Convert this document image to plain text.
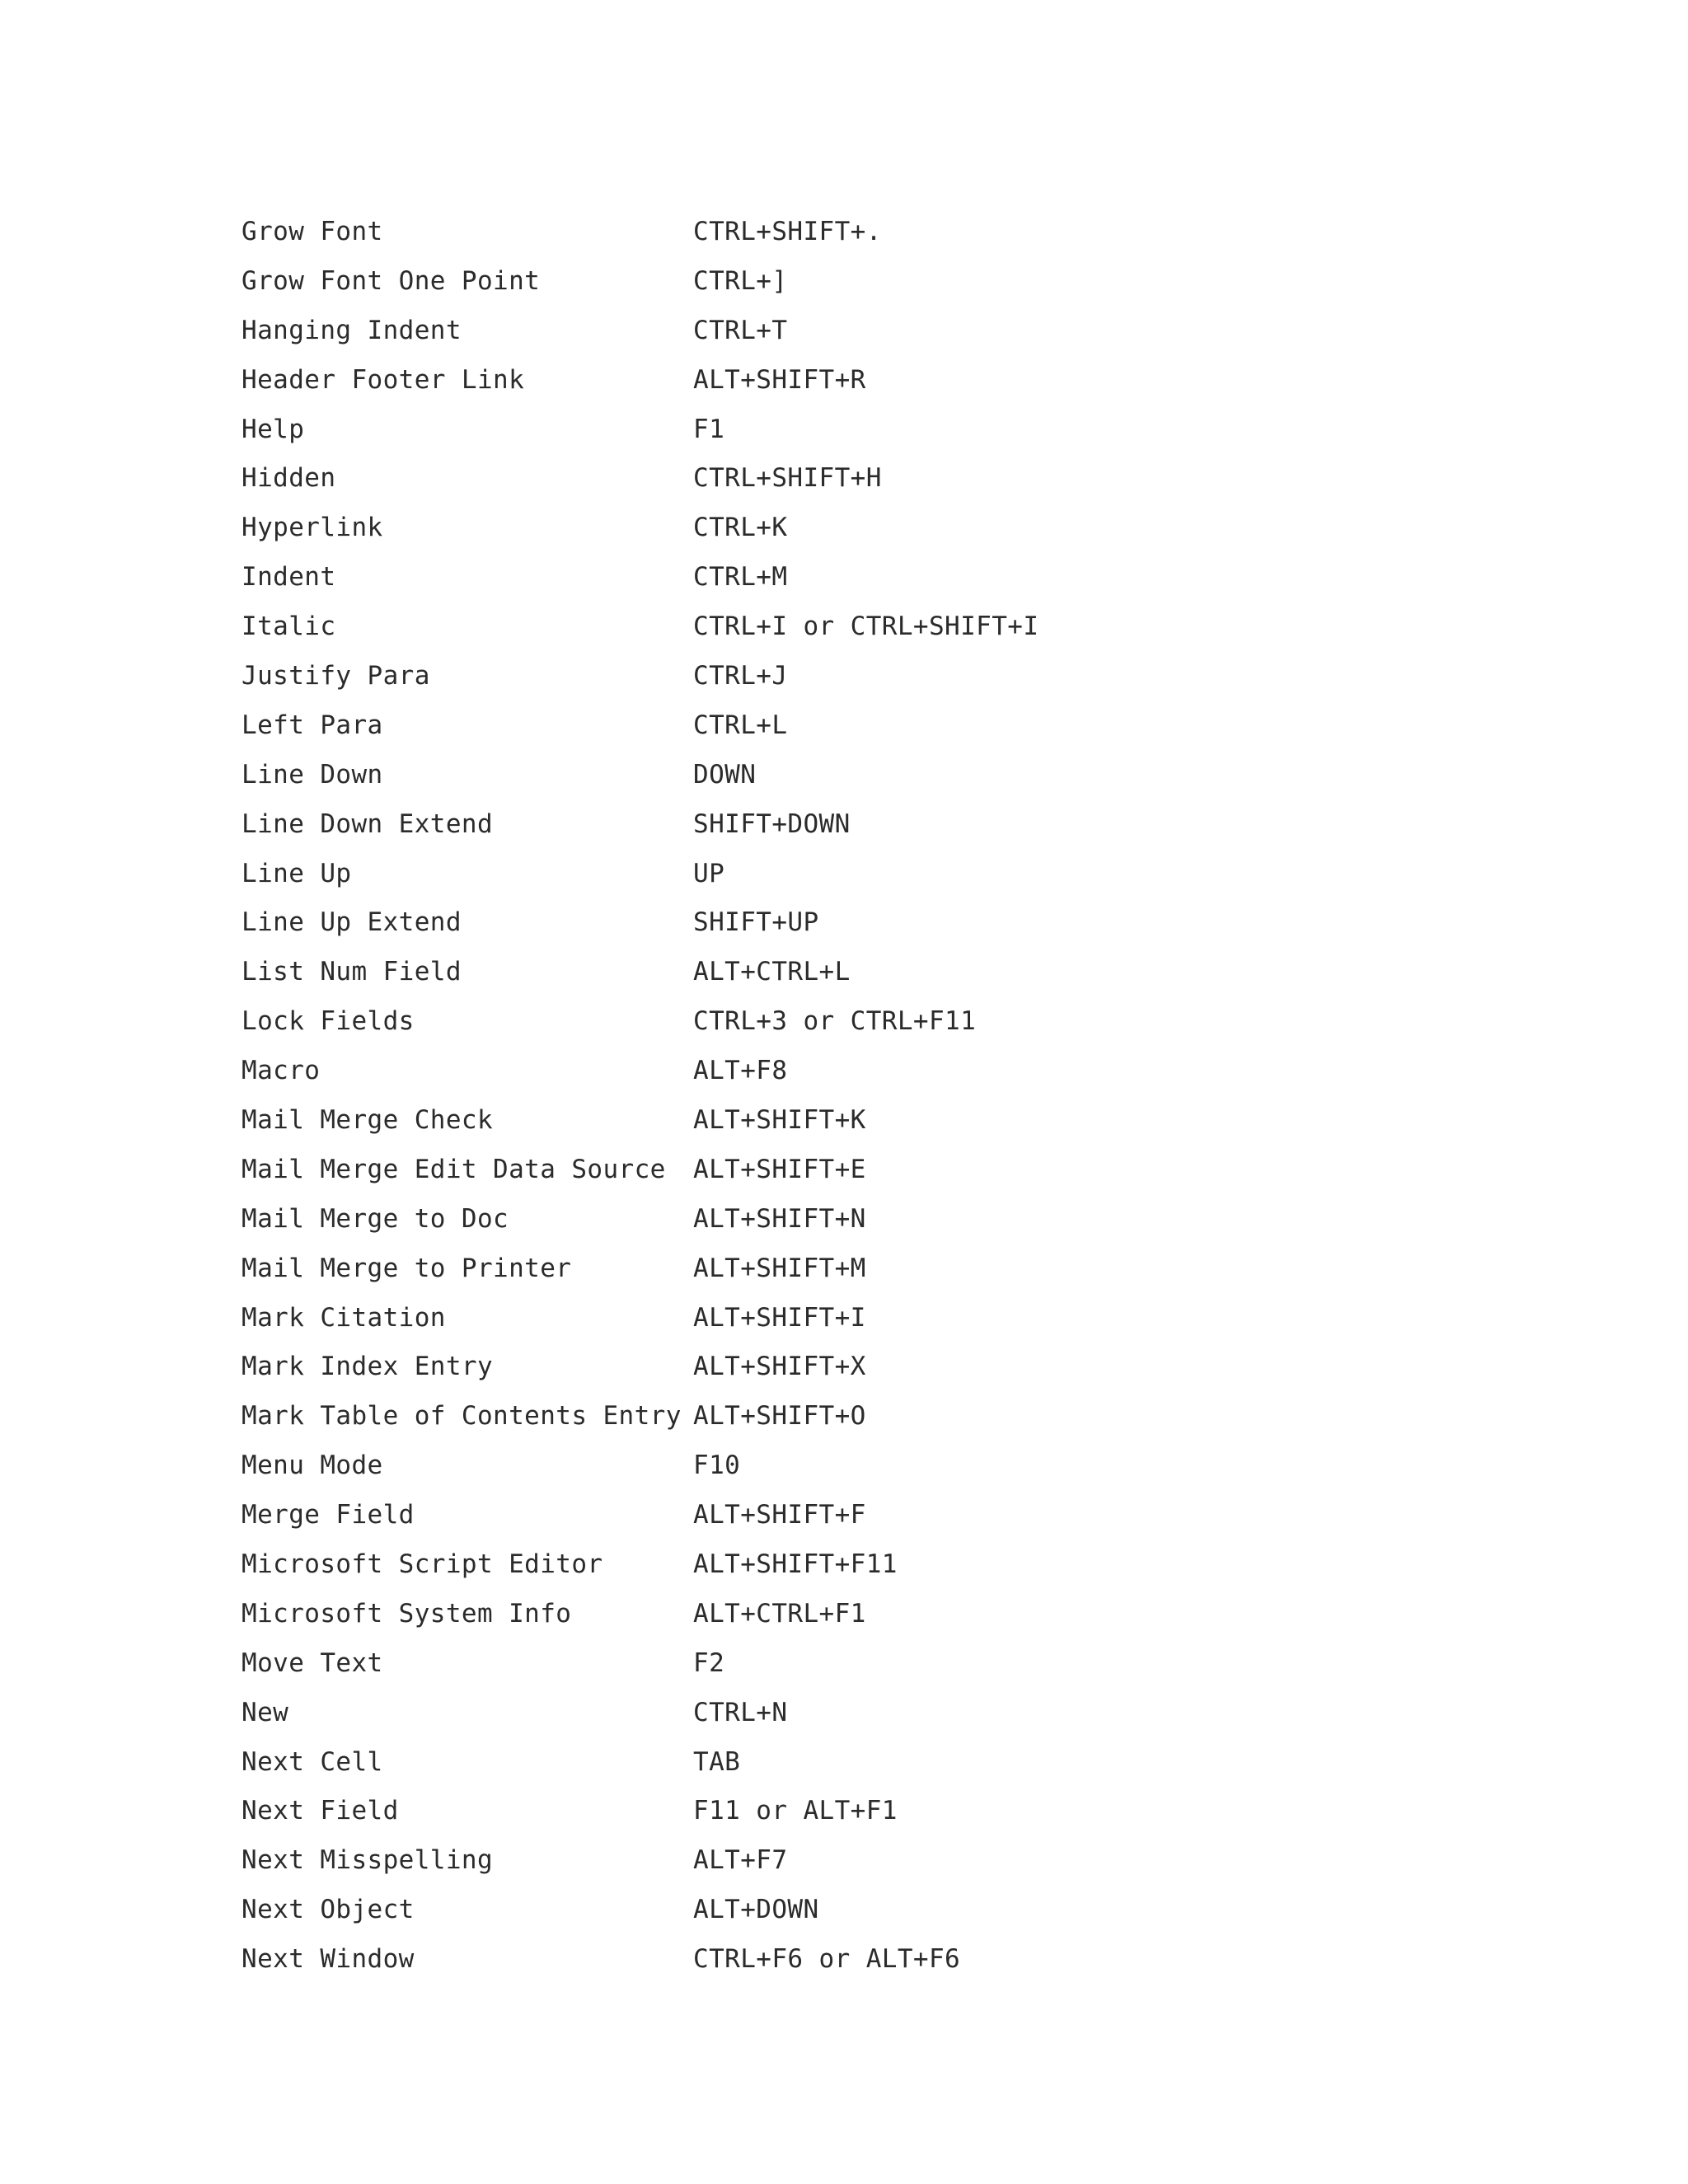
Grow Font	CTRL+SHIFT+.
Grow Font One Point	CTRL+]
Hanging Indent	CTRL+T
Header Footer Link	ALT+SHIFT+R
Help	F1
Hidden	CTRL+SHIFT+H
Hyperlink	CTRL+K
Indent	CTRL+M
Italic	CTRL+I or CTRL+SHIFT+I
Justify Para	CTRL+J
Left Para	CTRL+L
Line Down	DOWN
Line Down Extend	SHIFT+DOWN
Line Up	UP
Line Up Extend	SHIFT+UP
List Num Field	ALT+CTRL+L
Lock Fields	CTRL+3 or CTRL+F11
Macro	ALT+F8
Mail Merge Check	ALT+SHIFT+K
Mail Merge Edit Data Source	ALT+SHIFT+E
Mail Merge to Doc	ALT+SHIFT+N
Mail Merge to Printer	ALT+SHIFT+M
Mark Citation	ALT+SHIFT+I
Mark Index Entry	ALT+SHIFT+X
Mark Table of Contents Entry ALT+SHIFT+O
Menu Mode	F10
Merge Field	ALT+SHIFT+F
Microsoft Script Editor	ALT+SHIFT+F11
Microsoft System Info	ALT+CTRL+F1
Move Text	F2
New	CTRL+N
Next Cell	TAB
Next Field	F11 or ALT+F1
Next Misspelling	ALT+F7
Next Object	ALT+DOWN
Next Window	CTRL+F6 or ALT+F6
